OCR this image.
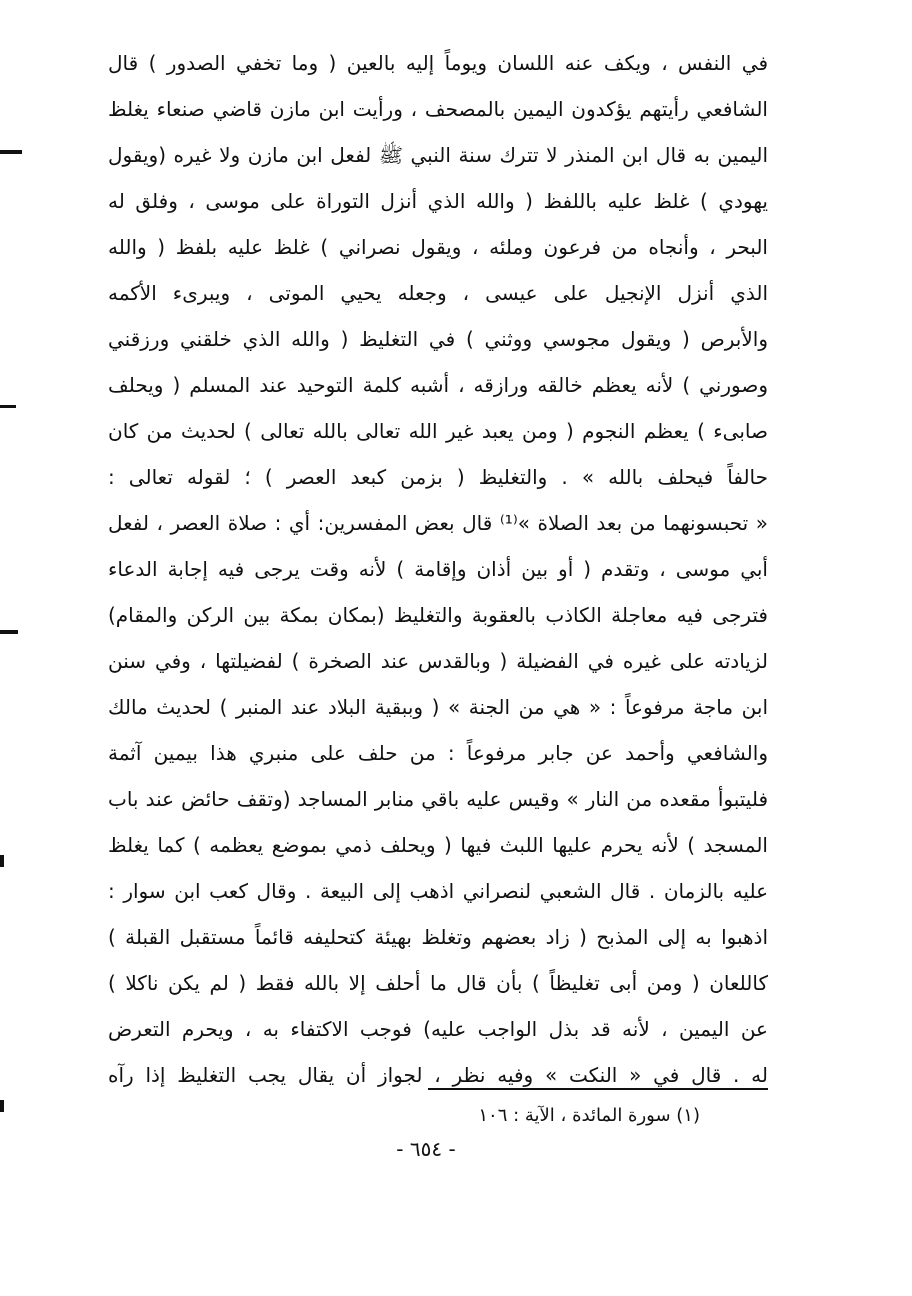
في النفس ، ويكف عنه اللسان ويوماً إليه بالعين ( وما تخفي الصدور ) قال
الشافعي رأيتهم يؤكدون اليمين بالمصحف ، ورأيت ابن مازن قاضي صنعاء يغلظ
اليمين به قال ابن المنذر لا تترك سنة النبي ﷺ لفعل ابن مازن ولا غيره (ويقول
يهودي ) غلظ عليه باللفظ ( والله الذي أنزل التوراة على موسى ، وفلق له
البحر ، وأنجاه من فرعون وملئه ، ويقول نصراني ) غلظ عليه بلفظ ( والله
الذي أنزل الإنجيل على عيسى ، وجعله يحيي الموتى ، ويبرىء الأكمه
والأبرص ( ويقول مجوسي ووثني ) في التغليظ ( والله الذي خلقني ورزقني
وصورني ) لأنه يعظم خالقه ورازقه ، أشبه كلمة التوحيد عند المسلم ( ويحلف
صابىء ) يعظم النجوم ( ومن يعبد غير الله تعالى بالله تعالى ) لحديث من كان
حالفاً فيحلف بالله » . والتغليظ ( بزمن كبعد العصر ) ؛ لقوله تعالى :
« تحبسونهما من بعد الصلاة »⁽¹⁾ قال بعض المفسرين: أي : صلاة العصر ، لفعل
أبي موسى ، وتقدم ( أو بين أذان وإقامة ) لأنه وقت يرجى فيه إجابة الدعاء
فترجى فيه معاجلة الكاذب بالعقوبة والتغليظ (بمكان بمكة بين الركن والمقام)
لزيادته على غيره في الفضيلة ( وبالقدس عند الصخرة ) لفضيلتها ، وفي سنن
ابن ماجة مرفوعاً : « هي من الجنة » ( وببقية البلاد عند المنبر ) لحديث مالك
والشافعي وأحمد عن جابر مرفوعاً : من حلف على منبري هذا بيمين آثمة
فليتبوأ مقعده من النار » وقيس عليه باقي منابر المساجد (وتقف حائض عند باب
المسجد ) لأنه يحرم عليها اللبث فيها ( ويحلف ذمي بموضع يعظمه ) كما يغلظ
عليه بالزمان . قال الشعبي لنصراني اذهب إلى البيعة . وقال كعب ابن سوار :
اذهبوا به إلى المذبح ( زاد بعضهم وتغلظ بهيئة كتحليفه قائماً مستقبل القبلة )
كاللعان ( ومن أبى تغليظاً ) بأن قال ما أحلف إلا بالله فقط ( لم يكن ناكلا )
عن اليمين ، لأنه قد بذل الواجب عليه) فوجب الاكتفاء به ، ويحرم التعرض
له . قال في « النكت » وفيه نظر ، لجواز أن يقال يجب التغليظ إذا رآه
(١) سورة المائدة ، الآية : ١٠٦
- ٦٥٤ -
